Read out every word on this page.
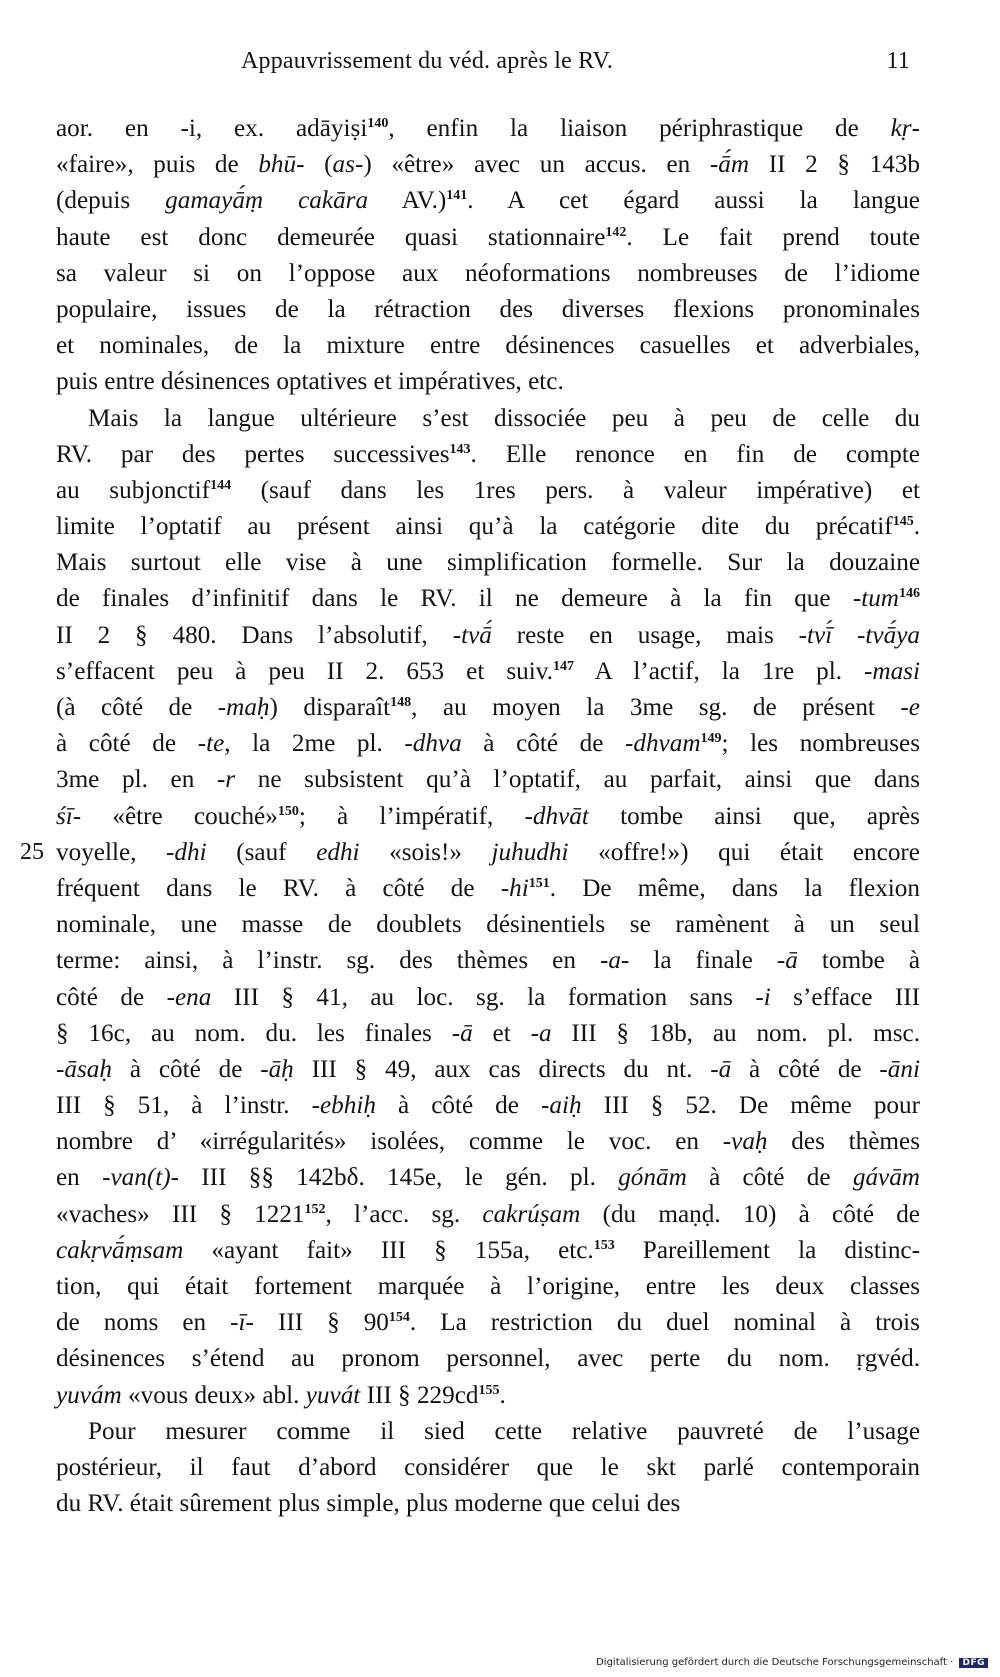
Appauvrissement du véd. après le RV.	11
25
aor. en -i, ex. adāyiṣi$^{140}$, enfin la liaison périphrastique de kṛ-
«faire», puis de bhū- (as-) «être» avec un accus. en -ā́m II 2 § 143b
(depuis gamayā́ṃ cakāra AV.)$^{141}$. A cet égard aussi la langue
haute est donc demeurée quasi stationnaire$^{142}$. Le fait prend toute
sa valeur si on l’oppose aux néoformations nombreuses de l’idiome
populaire, issues de la rétraction des diverses flexions pronominales
et nominales, de la mixture entre désinences casuelles et adverbiales,
puis entre désinences optatives et impératives, etc.
Mais la langue ultérieure s’est dissociée peu à peu de celle du
RV. par des pertes successives$^{143}$. Elle renonce en fin de compte
au subjonctif$^{144}$ (sauf dans les 1res pers. à valeur impérative) et
limite l’optatif au présent ainsi qu’à la catégorie dite du précatif$^{145}$.
Mais surtout elle vise à une simplification formelle. Sur la douzaine
de finales d’infinitif dans le RV. il ne demeure à la fin que -tum$^{146}$
II 2 § 480. Dans l’absolutif, -tvā́ reste en usage, mais -tvī́ -tvā́ya
s’effacent peu à peu II 2. 653 et suiv.$^{147}$ A l’actif, la 1re pl. -masi
(à côté de -maḥ) disparaît$^{148}$, au moyen la 3me sg. de présent -e
à côté de -te, la 2me pl. -dhva à côté de -dhvam$^{149}$; les nombreuses
3me pl. en -r ne subsistent qu’à l’optatif, au parfait, ainsi que dans
śī- «être couché»$^{150}$; à l’impératif, -dhvāt tombe ainsi que, après
voyelle, -dhi (sauf edhi «sois!» juhudhi «offre!») qui était encore
fréquent dans le RV. à côté de $-hi^{151}$. De même, dans la flexion
nominale, une masse de doublets désinentiels se ramènent à un seul
terme: ainsi, à l’instr. sg. des thèmes en -a- la finale -ā tombe à
côté de -ena III § 41, au loc. sg. la formation sans -i s’efface III
§ 16c, au nom. du. les finales -ā et -a III § 18b, au nom. pl. msc.
-āsaḥ à côté de -āḥ III § 49, aux cas directs du nt. -ā à côté de -āni
III § 51, à l’instr. -ebhiḥ à côté de -aiḥ III § 52. De même pour
nombre d’ «irrégularités» isolées, comme le voc. en -vaḥ des thèmes
en -van(t)- III §§ 142bδ. 145e, le gén. pl. gónām à côté de gávām
«vaches» III § 1221$^{152}$, l’acc. sg. cakrúṣam (du maṇḍ. 10) à côté de
cakṛvā́ṃsam «ayant fait» III § 155a, etc.$^{153}$ Pareillement la distinc-
tion, qui était fortement marquée à l’origine, entre les deux classes
de noms en -ī- III § $90^{154}$. La restriction du duel nominal à trois
désinences s’étend au pronom personnel, avec perte du nom. ṛgvéd.
yuvám «vous deux» abl. yuvát III § $229cd^{155}$.
Pour mesurer comme il sied cette relative pauvreté de l’usage
postérieur, il faut d’abord considérer que le skt parlé contemporain
du RV. était sûrement plus simple, plus moderne que celui des
Digitalisierung gefördert durch die Deutsche Forschungsgemeinschaft · DFG
